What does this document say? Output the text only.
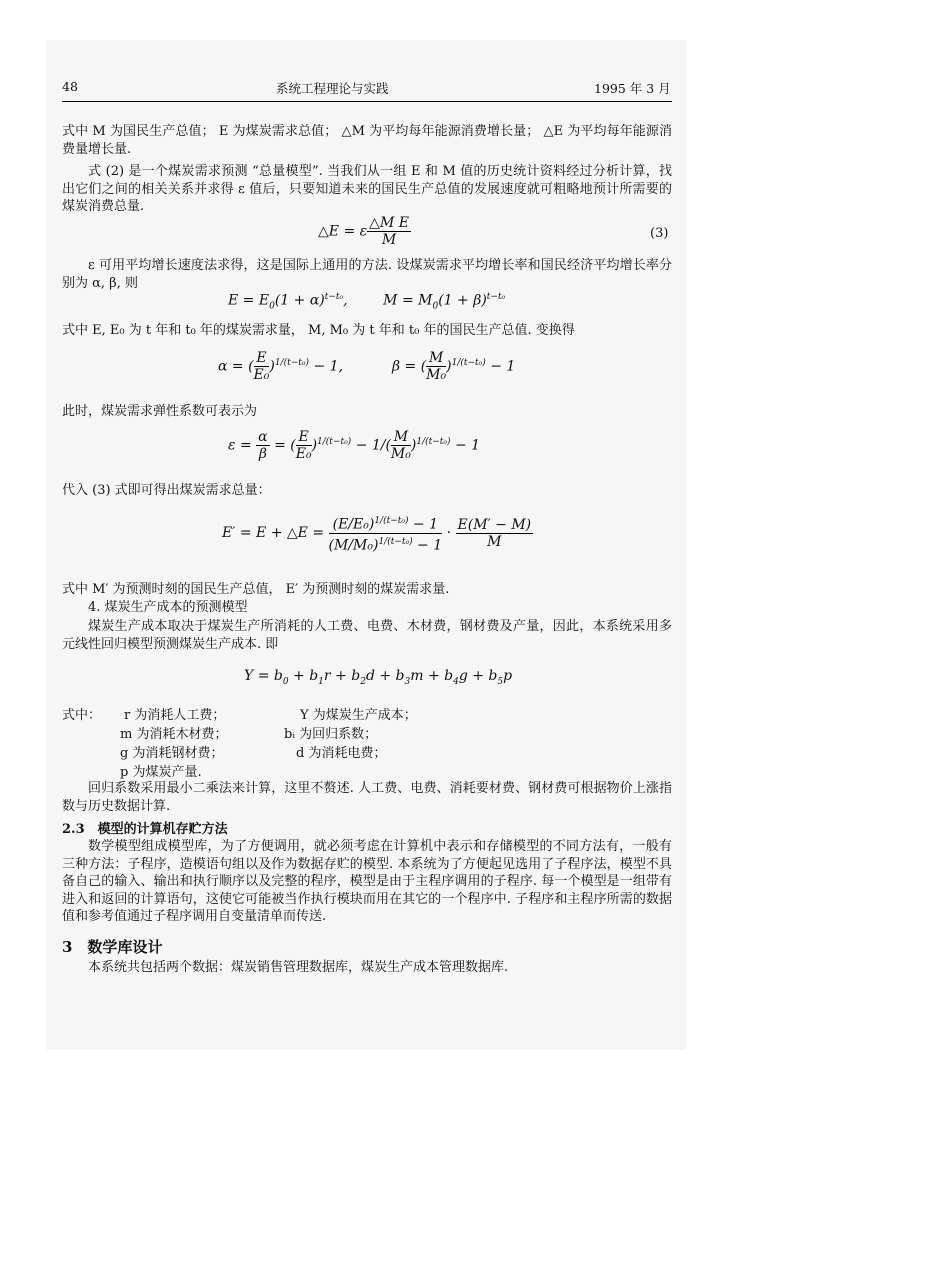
48	系统工程理论与实践	1995 年 3 月

式中 M 为国民生产总值； E 为煤炭需求总值； △M 为平均每年能源消费增长量； △E 为平均每年能源消费量增长量.

式 (2) 是一个煤炭需求预测 “总量模型”. 当我们从一组 E 和 M 值的历史统计资料经过分析计算，找出它们之间的相关关系并求得 ε 值后，只要知道未来的国民生产总值的发展速度就可粗略地预计所需要的煤炭消费总量.

△E = ε $\frac{\text{△M E}}{M}$	(3)

ε 可用平均增长速度法求得，这是国际上通用的方法. 设煤炭需求平均增长率和国民经济平均增长率分别为 α, β, 则

$E = E_0(1 + \alpha)^{t-t_0}$,        $M = M_0(1 + \beta)^{t-t_0}$

式中 E, E₀ 为 t 年和 t₀ 年的煤炭需求量， M, M₀ 为 t 年和 t₀ 年的国民生产总值. 变换得

α = ( $\frac{E}{\text{E₀}} )^{1/(t-t_0)} - 1$,           β = ( $\frac{M}{\text{M₀}} )^{1/(t-t_0)} - 1$

此时，煤炭需求弹性系数可表示为

$\varepsilon = \frac{\alpha}{\beta}$ = ( $\frac{E}{\text{E₀}} )^{1/(t-t_0)} - 1/( \frac{M}{\text{M₀}} )^{1/(t-t_0)} - 1$

代入 (3) 式即可得出煤炭需求总量：

E′ = E + △E = $\frac{(E/E_0)^{1/(t-t_0)} - 1}{(M/M_0)^{1/(t-t_0)} - 1} \cdot \frac{E(M' - M)}{M}$

式中 M′ 为预测时刻的国民生产总值， E′ 为预测时刻的煤炭需求量.

4. 煤炭生产成本的预测模型

煤炭生产成本取决于煤炭生产所消耗的人工费、电费、木材费，钢材费及产量，因此，本系统采用多元线性回归模型预测煤炭生产成本. 即

$Y = b_0 + b_1r + b_2d + b_3m + b_4g + b_5p$
式中： r 为消耗人工费；	Y 为煤炭生产成本；
m 为消耗木材费；	bᵢ 为回归系数；
g 为消耗钢材费；	d 为消耗电费；
p 为煤炭产量.

回归系数采用最小二乘法来计算，这里不赘述. 人工费、电费、消耗要材费、钢材费可根据物价上涨指数与历史数据计算.

2.3　模型的计算机存贮方法

数学模型组成模型库，为了方便调用，就必须考虑在计算机中表示和存储模型的不同方法有，一般有三种方法：子程序，造模语句组以及作为数据存贮的模型. 本系统为了方便起见选用了子程序法，模型不具备自己的输入、输出和执行顺序以及完整的程序，模型是由于主程序调用的子程序. 每一个模型是一组带有进入和返回的计算语句，这使它可能被当作执行模块而用在其它的一个程序中. 子程序和主程序所需的数据值和参考值通过子程序调用自变量清单而传送.

3　数学库设计

本系统共包括两个数据：煤炭销售管理数据库，煤炭生产成本管理数据库.
